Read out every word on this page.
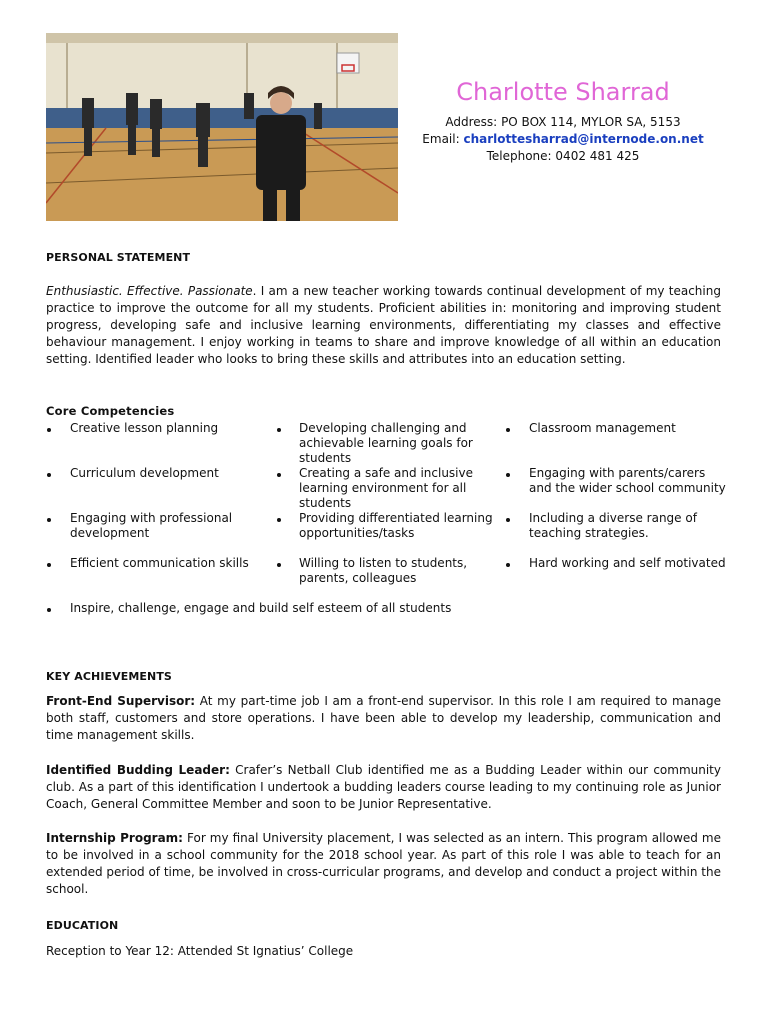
Charlotte Sharrad
Address: PO BOX 114, MYLOR SA, 5153
Email: charlottesharrad@internode.on.net
Telephone: 0402 481 425
PERSONAL STATEMENT

Enthusiastic. Effective. Passionate. I am a new teacher working towards continual development of my teaching practice to improve the outcome for all my students. Proficient abilities in: monitoring and improving student progress, developing safe and inclusive learning environments, differentiating my classes and effective behaviour management. I enjoy working in teams to share and improve knowledge of all within an education setting. Identified leader who looks to bring these skills and attributes into an education setting.

Core Competencies
Creative lesson planning	Developing challenging and achievable learning goals for students
Classroom management
Curriculum development	Creating a safe and inclusive learning environment for all students
Engaging with parents/carers and the wider school community
Engaging with professional development
Providing differentiated learning opportunities/tasks
Including a diverse range of teaching strategies.
Efficient communication skills	Willing to listen to students, parents, colleagues
Hard working and self motivated
Inspire, challenge, engage and build self esteem of all students
KEY ACHIEVEMENTS

Front-End Supervisor: At my part-time job I am a front-end supervisor. In this role I am required to manage both staff, customers and store operations. I have been able to develop my leadership, communication and time management skills.

Identified Budding Leader: Crafer’s Netball Club identified me as a Budding Leader within our community club. As a part of this identification I undertook a budding leaders course leading to my continuing role as Junior Coach, General Committee Member and soon to be Junior Representative.

Internship Program: For my final University placement, I was selected as an intern. This program allowed me to be involved in a school community for the 2018 school year. As part of this role I was able to teach for an extended period of time, be involved in cross-curricular programs, and develop and conduct a project within the school.

EDUCATION

Reception to Year 12: Attended St Ignatius’ College
